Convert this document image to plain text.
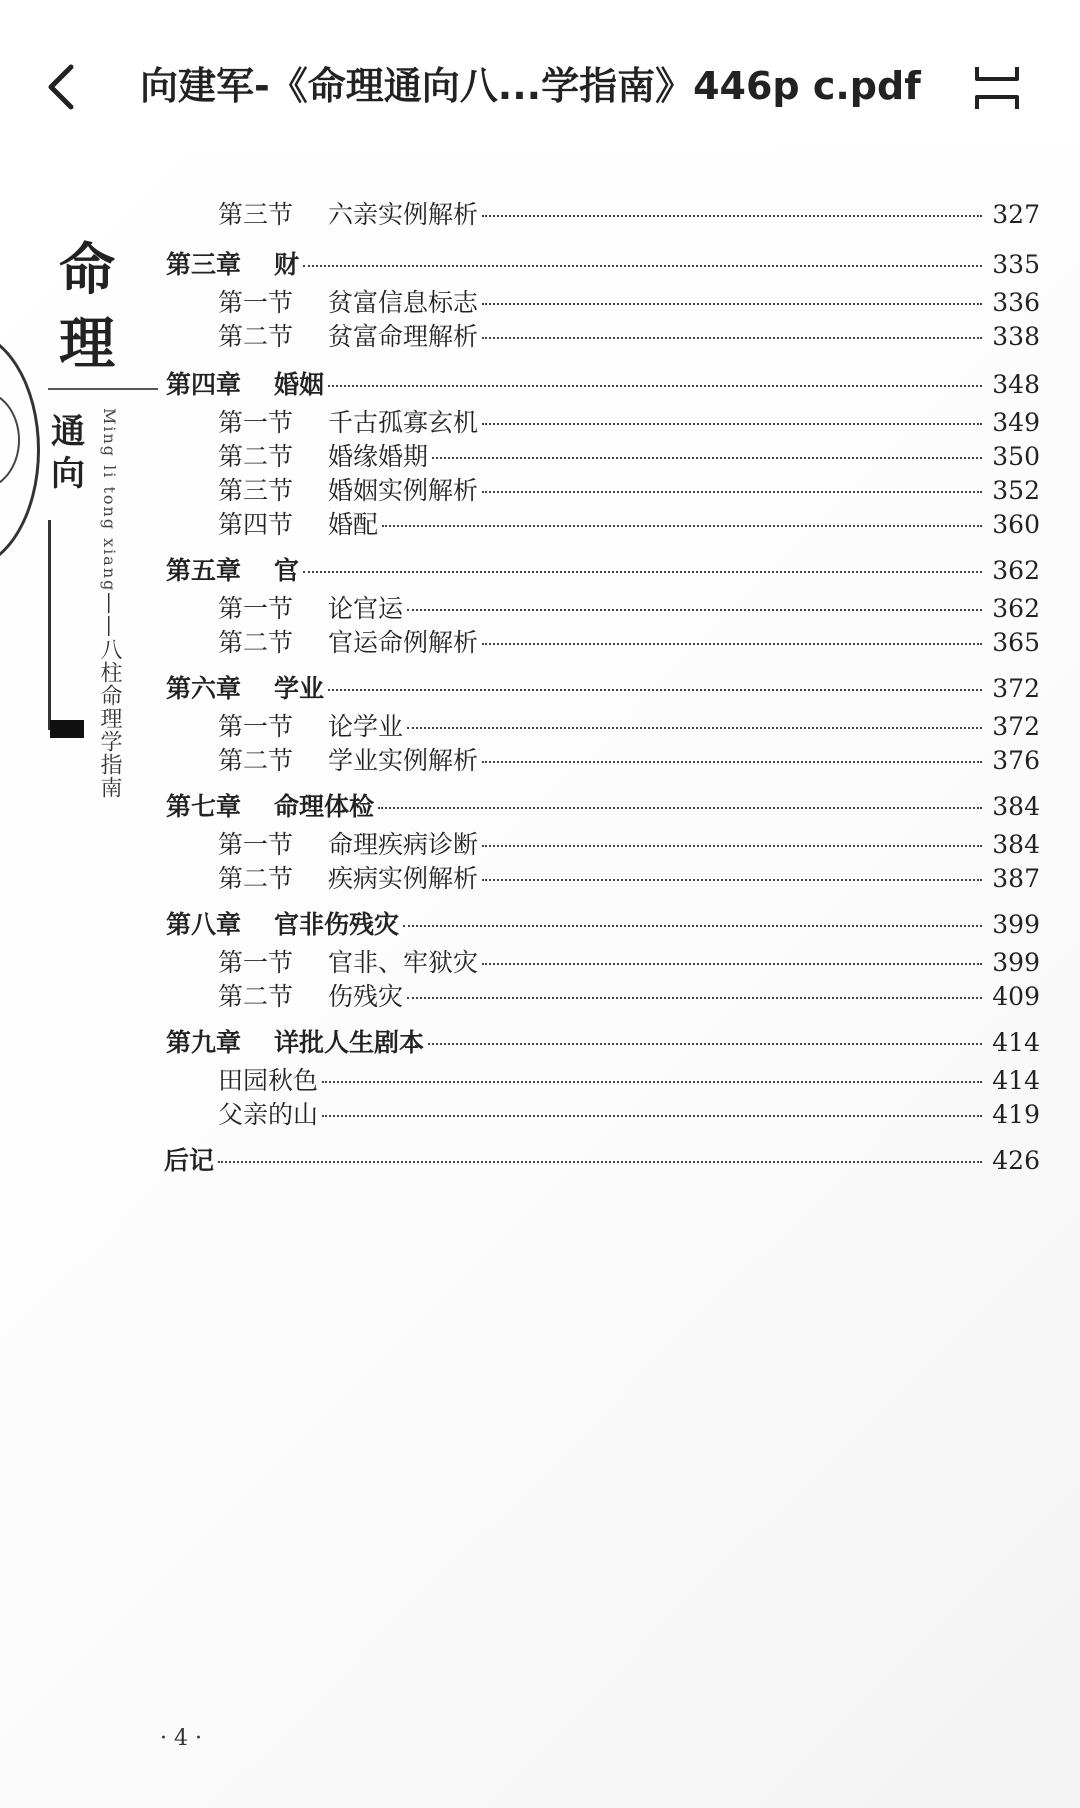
向建军-《命理通向八...学指南》446p c.pdf
命
理
通
向 Ming li tong xiang
——八柱命理学指南
第三节 六亲实例解析	327
第三章 财	335
第一节 贫富信息标志	336
第二节 贫富命理解析	338
第四章 婚姻	348
第一节 千古孤寡玄机	349
第二节 婚缘婚期	350
第三节 婚姻实例解析	352
第四节 婚配	360
第五章 官	362
第一节 论官运	362
第二节 官运命例解析	365
第六章 学业	372
第一节 论学业	372
第二节 学业实例解析	376
第七章 命理体检	384
第一节 命理疾病诊断	384
第二节 疾病实例解析	387
第八章 官非伤残灾	399
第一节 官非、牢狱灾	399
第二节 伤残灾	409
第九章 详批人生剧本	414
田园秋色	414
父亲的山	419
后记	426
· 4 ·
